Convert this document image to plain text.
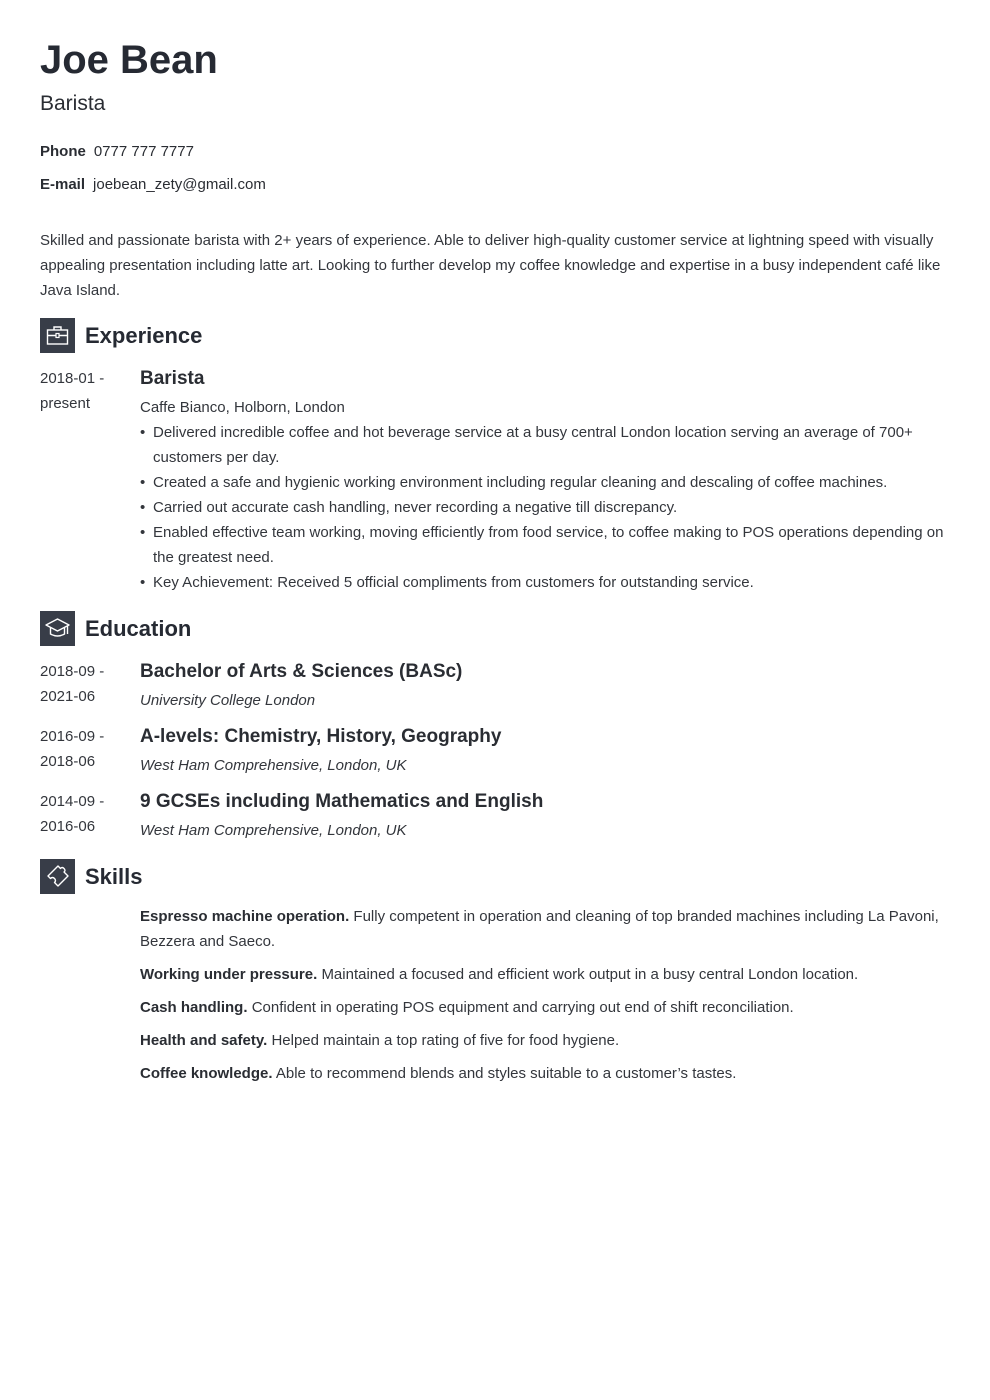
Joe Bean
Barista
Phone 0777 777 7777
E-mail joebean_zety@gmail.com

Skilled and passionate barista with 2+ years of experience. Able to deliver high-quality customer service at lightning speed with visually appealing presentation including latte art. Looking to further develop my coffee knowledge and expertise in a busy independent café like Java Island.

Experience
2018-01 -
present
Barista
Caffe Bianco, Holborn, London
• Delivered incredible coffee and hot beverage service at a busy central London location serving an average of 700+ customers per day.
• Created a safe and hygienic working environment including regular cleaning and descaling of coffee machines.
• Carried out accurate cash handling, never recording a negative till discrepancy.
• Enabled effective team working, moving efficiently from food service, to coffee making to POS operations depending on the greatest need.
• Key Achievement: Received 5 official compliments from customers for outstanding service.
Education
2018-09 -
2021-06
Bachelor of Arts & Sciences (BASc)
University College London
2016-09 -
2018-06
A-levels: Chemistry, History, Geography
West Ham Comprehensive, London, UK
2014-09 -
2016-06
9 GCSEs including Mathematics and English
West Ham Comprehensive, London, UK
Skills
Espresso machine operation. Fully competent in operation and cleaning of top branded machines including La Pavoni, Bezzera and Saeco.
Working under pressure. Maintained a focused and efficient work output in a busy central London location.
Cash handling. Confident in operating POS equipment and carrying out end of shift reconciliation.
Health and safety. Helped maintain a top rating of five for food hygiene.
Coffee knowledge. Able to recommend blends and styles suitable to a customer’s tastes.
